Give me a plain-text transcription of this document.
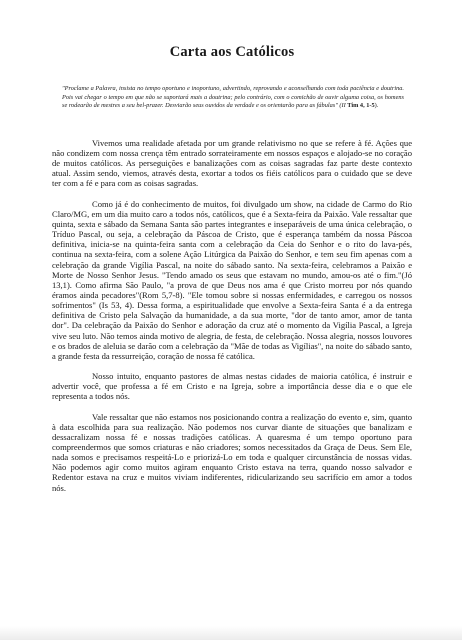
Carta aos Católicos

"Proclame a Palavra, insista no tempo oportuno e inoportuno, advertindo, reprovando e aconselhando com toda paciência e doutrina. Pois vai chegar o tempo em que não se suportará mais a doutrina; pelo contrário, com o comichão de ouvir alguma coisa, os homens se rodearão de mestres a seu bel-prazer. Desviarão seus ouvidos da verdade e os orientarão para as fábulas" (II Tim 4, 1-5).

Vivemos uma realidade afetada por um grande relativismo no que se refere à fé. Ações que não condizem com nossa crença têm entrado sorrateiramente em nossos espaços e alojado-se no coração de muitos católicos. As perseguições e banalizações com as coisas sagradas faz parte deste contexto atual. Assim sendo, viemos, através desta, exortar a todos os fiéis católicos para o cuidado que se deve ter com a fé e para com as coisas sagradas.

Como já é do conhecimento de muitos, foi divulgado um show, na cidade de Carmo do Rio Claro/MG, em um dia muito caro a todos nós, católicos, que é a Sexta-feira da Paixão. Vale ressaltar que quinta, sexta e sábado da Semana Santa são partes integrantes e inseparáveis de uma única celebração, o Tríduo Pascal, ou seja, a celebração da Páscoa de Cristo, que é esperança também da nossa Páscoa definitiva, inicia-se na quinta-feira santa com a celebração da Ceia do Senhor e o rito do lava-pés, continua na sexta-feira, com a solene Ação Litúrgica da Paixão do Senhor, e tem seu fim apenas com a celebração da grande Vigília Pascal, na noite do sábado santo. Na sexta-feira, celebramos a Paixão e Morte de Nosso Senhor Jesus. "Tendo amado os seus que estavam no mundo, amou-os até o fim."(Jó 13,1). Como afirma São Paulo, "a prova de que Deus nos ama é que Cristo morreu por nós quando éramos ainda pecadores"(Rom 5,7-8). "Ele tomou sobre si nossas enfermidades, e carregou os nossos sofrimentos" (Is 53, 4). Dessa forma, a espiritualidade que envolve a Sexta-feira Santa é a da entrega definitiva de Cristo pela Salvação da humanidade, a da sua morte, "dor de tanto amor, amor de tanta dor". Da celebração da Paixão do Senhor e adoração da cruz até o momento da Vigília Pascal, a Igreja vive seu luto. Não temos ainda motivo de alegria, de festa, de celebração. Nossa alegria, nossos louvores e os brados de aleluia se darão com a celebração da "Mãe de todas as Vigílias", na noite do sábado santo, a grande festa da ressurreição, coração de nossa fé católica.

Nosso intuito, enquanto pastores de almas nestas cidades de maioria católica, é instruir e advertir você, que professa a fé em Cristo e na Igreja, sobre a importância desse dia e o que ele representa a todos nós.

Vale ressaltar que não estamos nos posicionando contra a realização do evento e, sim, quanto à data escolhida para sua realização. Não podemos nos curvar diante de situações que banalizam e dessacralizam nossa fé e nossas tradições católicas. A quaresma é um tempo oportuno para compreendermos que somos criaturas e não criadores; somos necessitados da Graça de Deus. Sem Ele, nada somos e precisamos respeitá-Lo e priorizá-Lo em toda e qualquer circunstância de nossas vidas. Não podemos agir como muitos agiram enquanto Cristo estava na terra, quando nosso salvador e Redentor estava na cruz e muitos viviam indiferentes, ridicularizando seu sacrifício em amor a todos nós.
